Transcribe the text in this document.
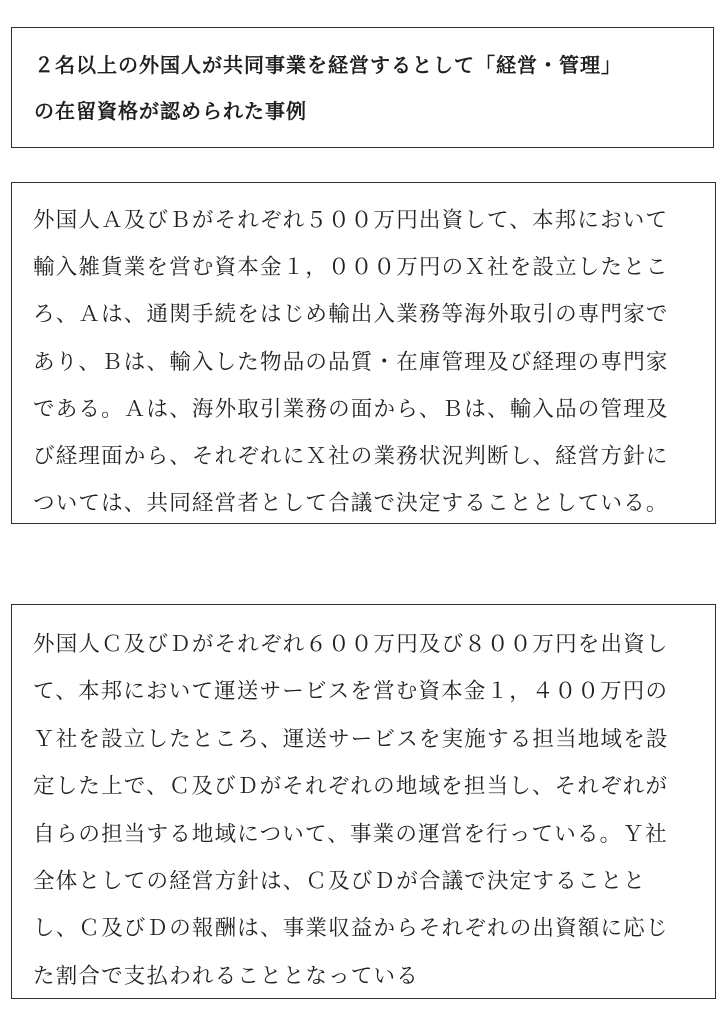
２名以上の外国人が共同事業を経営するとして「経営・管理」
の在留資格が認められた事例
外国人Ａ及びＢがそれぞれ５００万円出資して、本邦において
輸入雑貨業を営む資本金１，０００万円のＸ社を設立したとこ
ろ、Ａは、通関手続をはじめ輸出入業務等海外取引の専門家で
あり、Ｂは、輸入した物品の品質・在庫管理及び経理の専門家
である。Ａは、海外取引業務の面から、Ｂは、輸入品の管理及
び経理面から、それぞれにＸ社の業務状況判断し、経営方針に
ついては、共同経営者として合議で決定することとしている。
外国人Ｃ及びＤがそれぞれ６００万円及び８００万円を出資し
て、本邦において運送サービスを営む資本金１，４００万円の
Ｙ社を設立したところ、運送サービスを実施する担当地域を設
定した上で、Ｃ及びＤがそれぞれの地域を担当し、それぞれが
自らの担当する地域について、事業の運営を行っている。Ｙ社
全体としての経営方針は、Ｃ及びＤが合議で決定することと
し、Ｃ及びＤの報酬は、事業収益からそれぞれの出資額に応じ
た割合で支払われることとなっている
